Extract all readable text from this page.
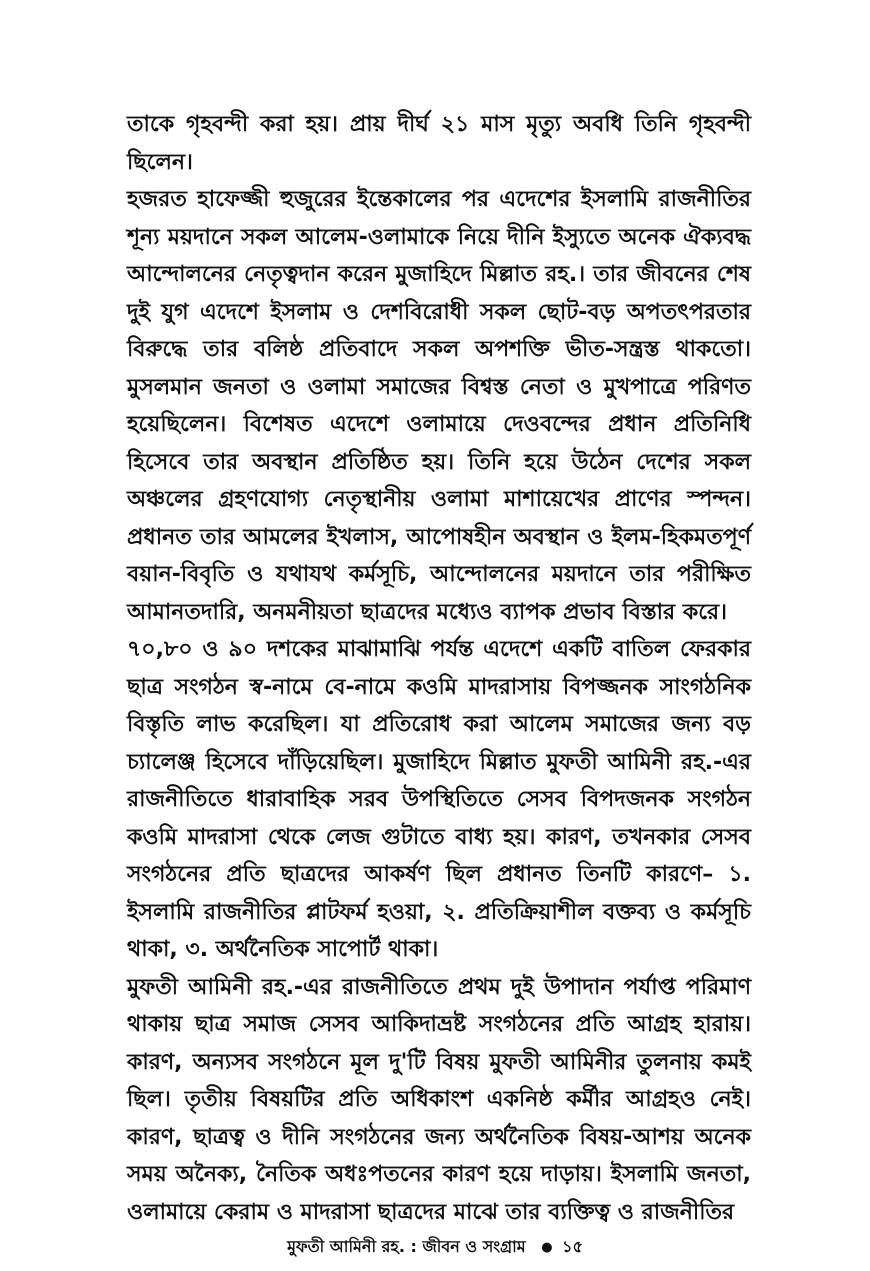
তাকে গৃহবন্দী করা হয়। প্রায় দীর্ঘ ২১ মাস মৃত্যু অবধি তিনি গৃহবন্দী ছিলেন।

হজরত হাফেজ্জী হুজুরের ইন্তেকালের পর এদেশের ইসলামি রাজনীতির শূন্য ময়দানে সকল আলেম-ওলামাকে নিয়ে দীনি ইস্যুতে অনেক ঐক্যবদ্ধ আন্দোলনের নেতৃত্বদান করেন মুজাহিদে মিল্লাত রহ.। তার জীবনের শেষ দুই যুগ এদেশে ইসলাম ও দেশবিরোধী সকল ছোট-বড় অপতৎপরতার বিরুদ্ধে তার বলিষ্ঠ প্রতিবাদে সকল অপশক্তি ভীত-সন্ত্রস্ত থাকতো। মুসলমান জনতা ও ওলামা সমাজের বিশ্বস্ত নেতা ও মুখপাত্রে পরিণত হয়েছিলেন। বিশেষত এদেশে ওলামায়ে দেওবন্দের প্রধান প্রতিনিধি হিসেবে তার অবস্থান প্রতিষ্ঠিত হয়। তিনি হয়ে উঠেন দেশের সকল অঞ্চলের গ্রহণযোগ্য নেতৃস্থানীয় ওলামা মাশায়েখের প্রাণের স্পন্দন। প্রধানত তার আমলের ইখলাস, আপোষহীন অবস্থান ও ইলম-হিকমতপূর্ণ বয়ান-বিবৃতি ও যথাযথ কর্মসূচি, আন্দোলনের ময়দানে তার পরীক্ষিত আমানতদারি, অনমনীয়তা ছাত্রদের মধ্যেও ব্যাপক প্রভাব বিস্তার করে।

৭০,৮০ ও ৯০ দশকের মাঝামাঝি পর্যন্ত এদেশে একটি বাতিল ফেরকার ছাত্র সংগঠন স্ব-নামে বে-নামে কওমি মাদরাসায় বিপজ্জনক সাংগঠনিক বিস্তৃতি লাভ করেছিল। যা প্রতিরোধ করা আলেম সমাজের জন্য বড় চ্যালেঞ্জ হিসেবে দাঁড়িয়েছিল। মুজাহিদে মিল্লাত মুফতী আমিনী রহ.-এর রাজনীতিতে ধারাবাহিক সরব উপস্থিতিতে সেসব বিপদজনক সংগঠন কওমি মাদরাসা থেকে লেজ গুটাতে বাধ্য হয়। কারণ, তখনকার সেসব সংগঠনের প্রতি ছাত্রদের আকর্ষণ ছিল প্রধানত তিনটি কারণে– ১. ইসলামি রাজনীতির প্লাটফর্ম হওয়া, ২. প্রতিক্রিয়াশীল বক্তব্য ও কর্মসূচি থাকা, ৩. অর্থনৈতিক সাপোর্ট থাকা।

মুফতী আমিনী রহ.-এর রাজনীতিতে প্রথম দুই উপাদান পর্যাপ্ত পরিমাণ থাকায় ছাত্র সমাজ সেসব আকিদাভ্রষ্ট সংগঠনের প্রতি আগ্রহ হারায়। কারণ, অন্যসব সংগঠনে মূল দু'টি বিষয় মুফতী আমিনীর তুলনায় কমই ছিল। তৃতীয় বিষয়টির প্রতি অধিকাংশ একনিষ্ঠ কর্মীর আগ্রহও নেই। কারণ, ছাত্রত্ব ও দীনি সংগঠনের জন্য অর্থনৈতিক বিষয়-আশয় অনেক সময় অনৈক্য, নৈতিক অধঃপতনের কারণ হয়ে দাড়ায়। ইসলামি জনতা, ওলামায়ে কেরাম ও মাদরাসা ছাত্রদের মাঝে তার ব্যক্তিত্ব ও রাজনীতির

মুফতী আমিনী রহ. : জীবন ও সংগ্রাম ● ১৫
